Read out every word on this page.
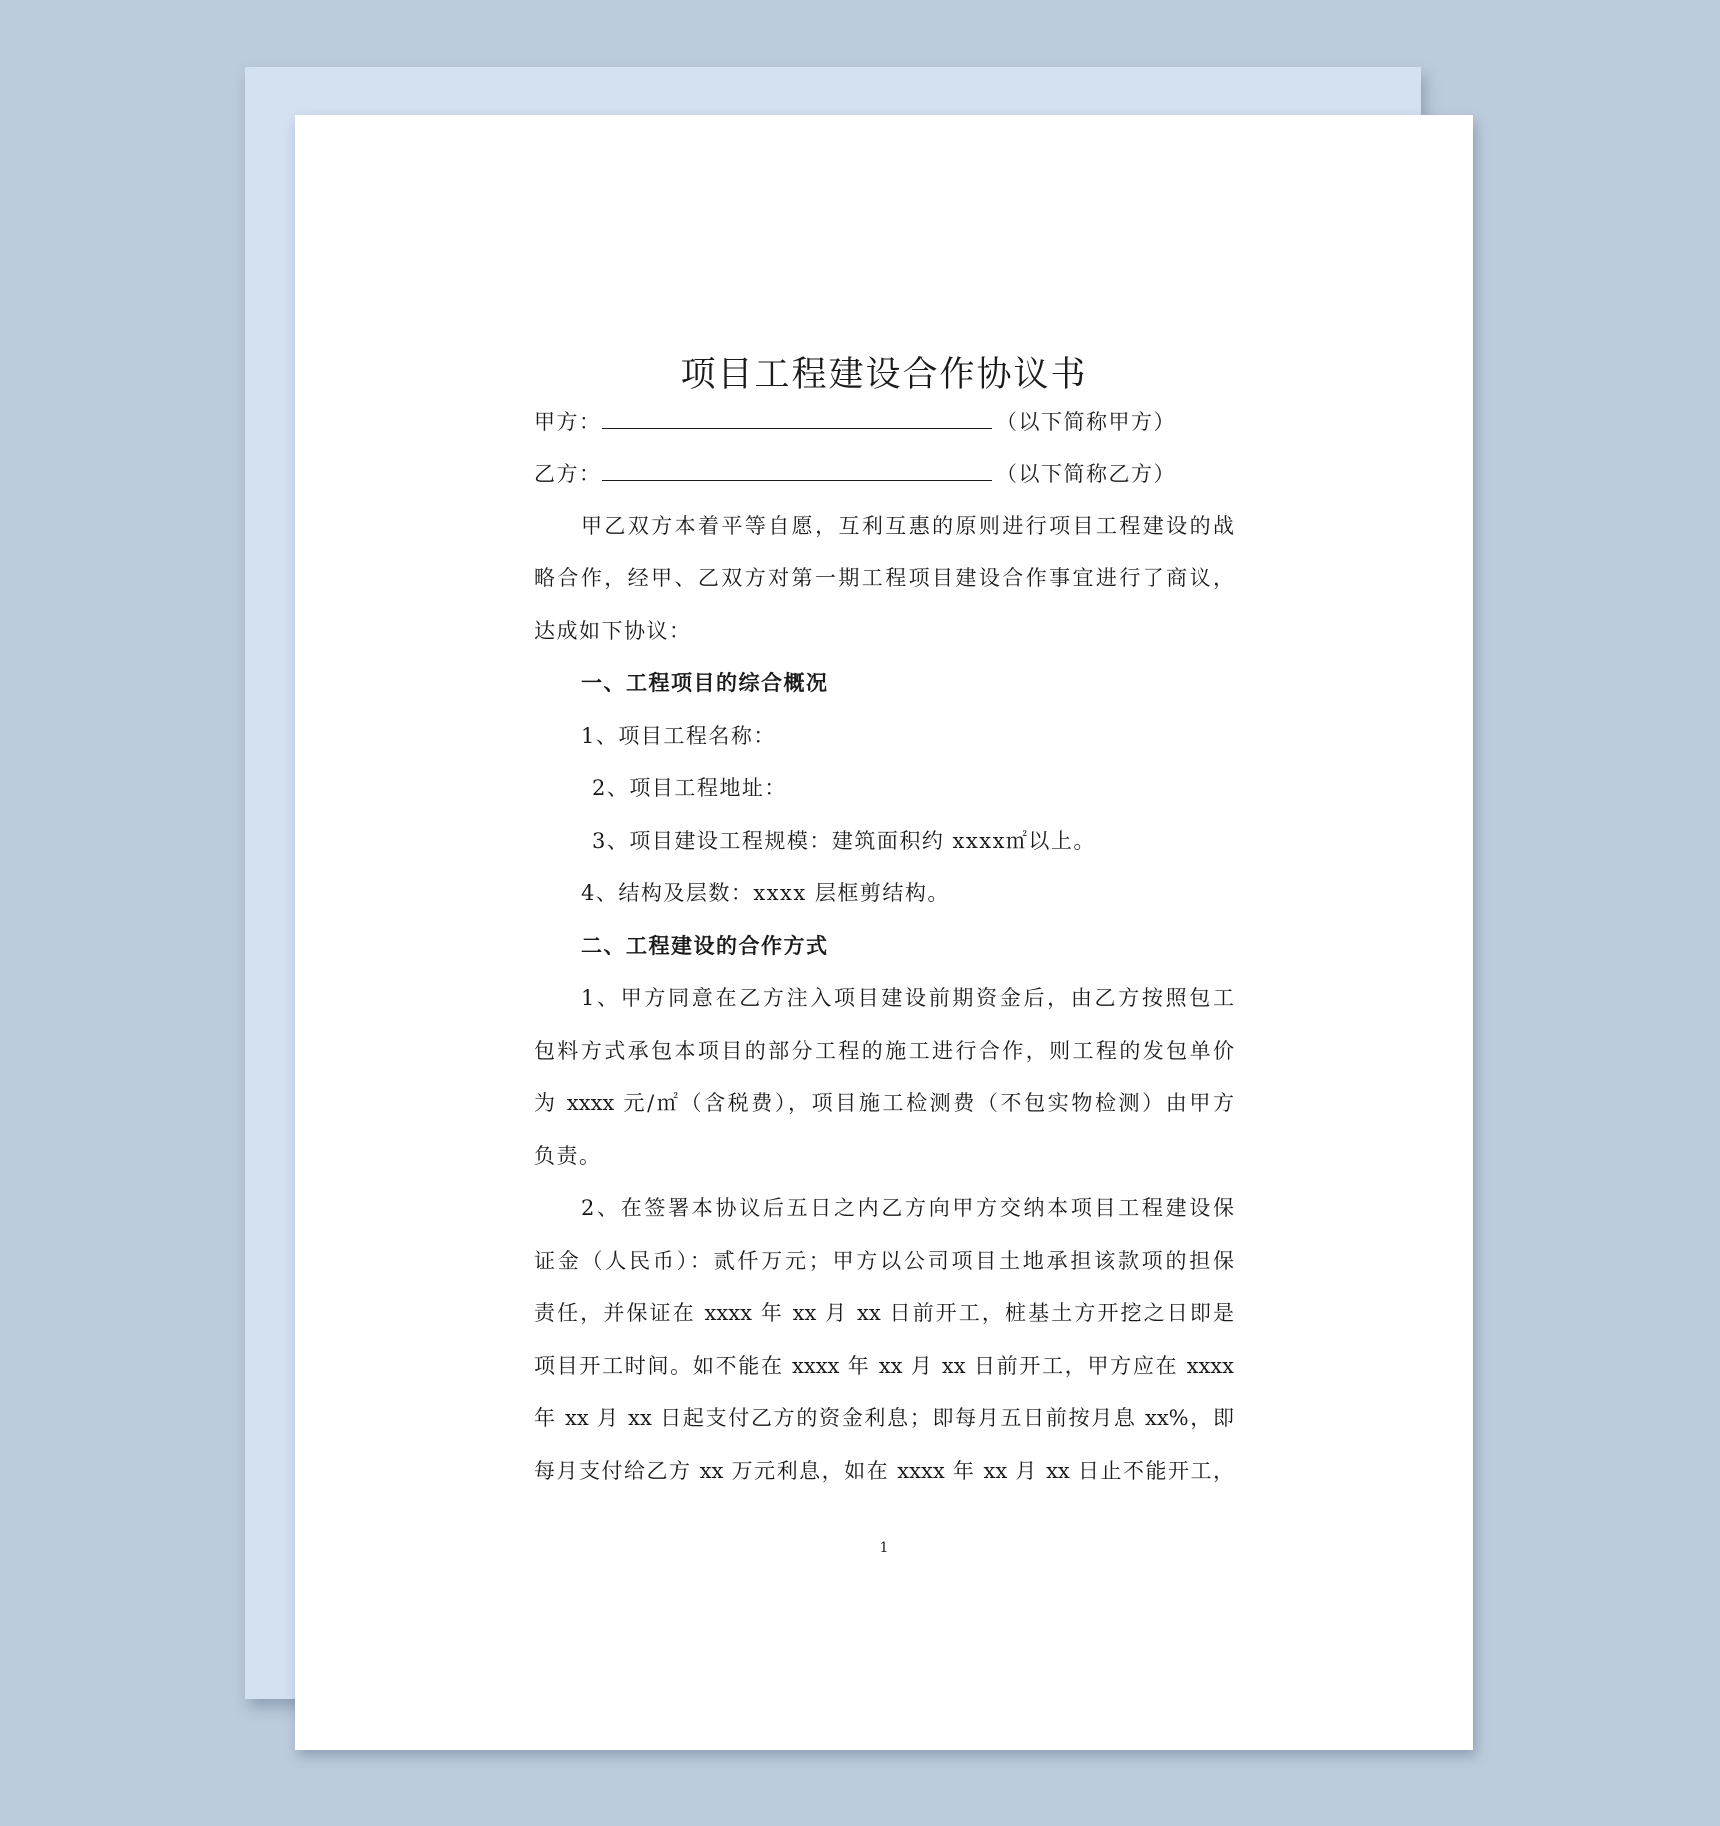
项目工程建设合作协议书
甲方：	（以下简称甲方）
乙方：	（以下简称乙方）
甲乙双方本着平等自愿，互利互惠的原则进行项目工程建设的战
略合作，经甲、乙双方对第一期工程项目建设合作事宜进行了商议，
达成如下协议：
一、工程项目的综合概况
1、项目工程名称：
2、项目工程地址：
3、项目建设工程规模：建筑面积约 xxxx㎡以上。
4、结构及层数：xxxx 层框剪结构。
二、工程建设的合作方式
1、甲方同意在乙方注入项目建设前期资金后，由乙方按照包工
包料方式承包本项目的部分工程的施工进行合作，则工程的发包单价
为 xxxx 元/㎡（含税费），项目施工检测费（不包实物检测）由甲方
负责。
2、在签署本协议后五日之内乙方向甲方交纳本项目工程建设保
证金（人民币）：贰仟万元；甲方以公司项目土地承担该款项的担保
责任，并保证在 xxxx 年 xx 月 xx 日前开工，桩基土方开挖之日即是
项目开工时间。如不能在 xxxx 年 xx 月 xx 日前开工，甲方应在 xxxx
年 xx 月 xx 日起支付乙方的资金利息；即每月五日前按月息 xx%，即
每月支付给乙方 xx 万元利息，如在 xxxx 年 xx 月 xx 日止不能开工，
1
